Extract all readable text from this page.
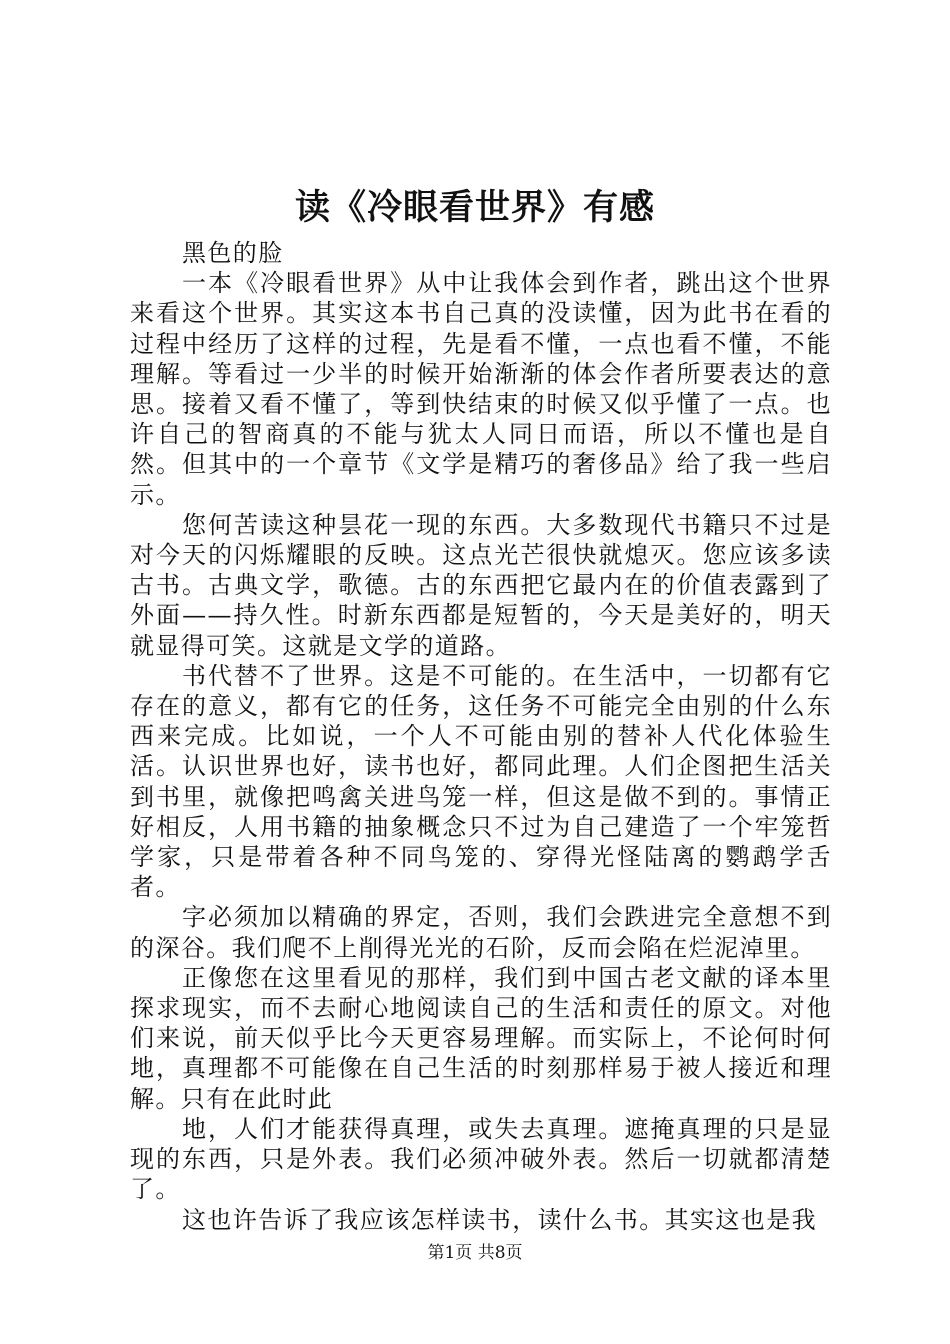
读《冷眼看世界》有感

黑色的脸

一本《冷眼看世界》从中让我体会到作者，跳出这个世界来看这个世界。其实这本书自己真的没读懂，因为此书在看的过程中经历了这样的过程，先是看不懂，一点也看不懂，不能理解。等看过一少半的时候开始渐渐的体会作者所要表达的意思。接着又看不懂了，等到快结束的时候又似乎懂了一点。也许自己的智商真的不能与犹太人同日而语，所以不懂也是自然。但其中的一个章节《文学是精巧的奢侈品》给了我一些启示。

您何苦读这种昙花一现的东西。大多数现代书籍只不过是对今天的闪烁耀眼的反映。这点光芒很快就熄灭。您应该多读古书。古典文学，歌德。古的东西把它最内在的价值表露到了外面——持久性。时新东西都是短暂的，今天是美好的，明天就显得可笑。这就是文学的道路。

书代替不了世界。这是不可能的。在生活中，一切都有它存在的意义，都有它的任务，这任务不可能完全由别的什么东西来完成。比如说，一个人不可能由别的替补人代化体验生活。认识世界也好，读书也好，都同此理。人们企图把生活关到书里，就像把鸣禽关进鸟笼一样，但这是做不到的。事情正好相反，人用书籍的抽象概念只不过为自己建造了一个牢笼哲学家，只是带着各种不同鸟笼的、穿得光怪陆离的鹦鹉学舌者。

字必须加以精确的界定，否则，我们会跌进完全意想不到的深谷。我们爬不上削得光光的石阶，反而会陷在烂泥淖里。

正像您在这里看见的那样，我们到中国古老文献的译本里探求现实，而不去耐心地阅读自己的生活和责任的原文。对他们来说，前天似乎比今天更容易理解。而实际上，不论何时何地，真理都不可能像在自己生活的时刻那样易于被人接近和理解。只有在此时此

地，人们才能获得真理，或失去真理。遮掩真理的只是显现的东西，只是外表。我们必须冲破外表。然后一切就都清楚了。

这也许告诉了我应该怎样读书，读什么书。其实这也是我

第1页 共8页
